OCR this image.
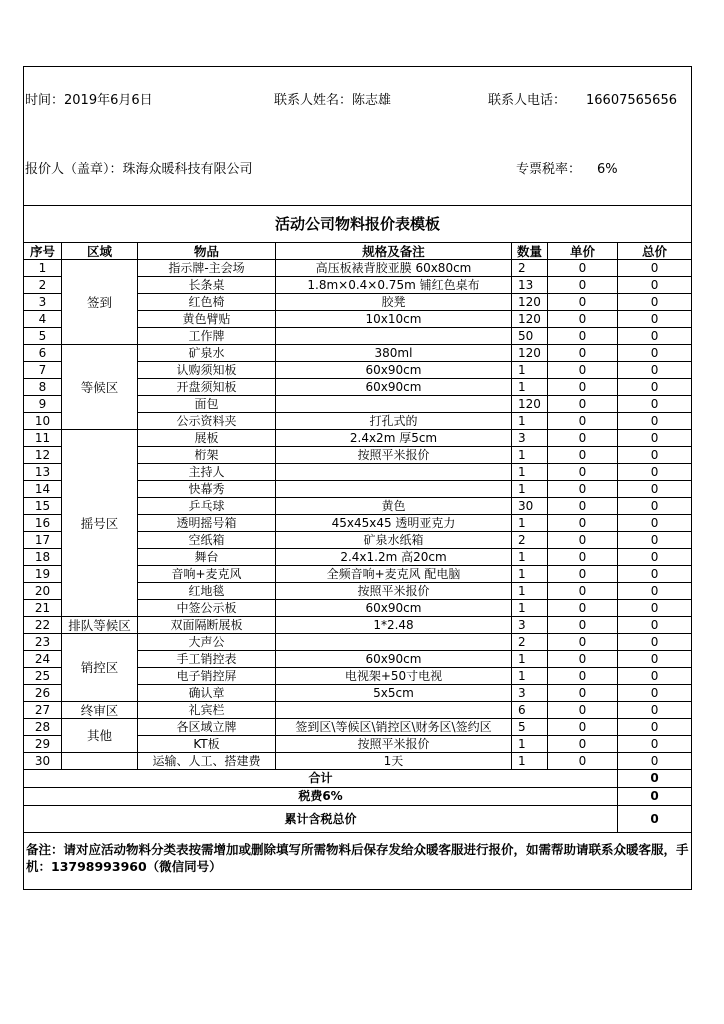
时间：2019年6月6日 联系人姓名：陈志雄 联系人电话： 16607565656						

报价人（盖章）：珠海众暖科技有限公司 专票税率： 6%						

活动公司物料报价表模板						
序号	区域	物品	规格及备注	数量	单价	总价
1	签到	指示牌-主会场	高压板裱背胶亚膜 60x80cm	2	0	0
2		长条桌	1.8m×0.4×0.75m 铺红色桌布	13	0	0
3		红色椅	胶凳	120	0	0
4		黄色臂贴	10x10cm	120	0	0
5		工作牌		50	0	0
6	等候区	矿泉水	380ml	120	0	0
7		认购须知板	60x90cm	1	0	0
8		开盘须知板	60x90cm	1	0	0
9		面包		120	0	0
10		公示资料夹	打孔式的	1	0	0
11	摇号区	展板	2.4x2m 厚5cm	3	0	0
12		桁架	按照平米报价	1	0	0
13		主持人		1	0	0
14		快幕秀		1	0	0
15		乒乓球	黄色	30	0	0
16		透明摇号箱	45x45x45 透明亚克力	1	0	0
17		空纸箱	矿泉水纸箱	2	0	0
18		舞台	2.4x1.2m 高20cm	1	0	0
19		音响+麦克风	全频音响+麦克风 配电脑	1	0	0
20		红地毯	按照平米报价	1	0	0
21		中签公示板	60x90cm	1	0	0
22	排队等候区	双面隔断展板	1*2.48	3	0	0
23	销控区	大声公		2	0	0
24		手工销控表	60x90cm	1	0	0
25		电子销控屏	电视架+50寸电视	1	0	0
26		确认章	5x5cm	3	0	0
27	终审区	礼宾栏		6	0	0
28	其他	各区域立牌	签到区\等候区\销控区\财务区\签约区	5	0	0
29		KT板	按照平米报价	1	0	0
30		运输、人工、搭建费	1天	1	0	0
合计						0
税费6%						0
累计含税总价						0
备注：请对应活动物料分类表按需增加或删除填写所需物料后保存发给众暖客服进行报价，如需帮助请联系众暖客服，手机：13798993960（微信同号）						
